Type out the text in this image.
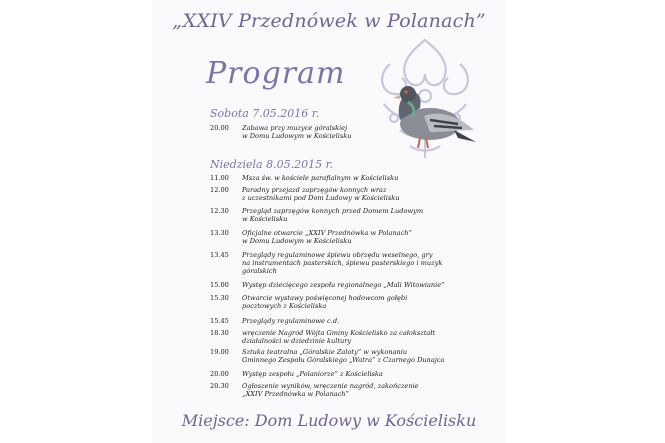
„XXIV Przednówek w Polanach”
Program
Sobota 7.05.2016 r.
20.00	Zabawa przy muzyce góralskiej
w Domu Ludowym w Kościelisku
Niedziela 8.05.2015 r.
11.00	Msza św. w kościele parafialnym w Kościelisku
12.00	Paradny przejazd zaprzęgów konnych wraz
z uczestnikami pod Dom Ludowy w Kościelisku
12.30	Przegląd zaprzęgów konnych przed Domem Ludowym
w Kościelisku
13.30	Oficjalne otwarcie „XXIV Przednówka w Polanach”
w Domu Ludowym w Kościelisku
13.45	Przeglądy regulaminowe śpiewu obrzędu weselnego, gry
na instrumentach pasterskich, śpiewu pasterskiego i muzyk
góralskich
15.00	Występ dziecięcego zespołu regionalnego „Mali Witowianie”
15.30	Otwarcie wystawy poświęconej hodowcom gołębi
pocztowych z Kościeliska
15.45	Przeglądy regulaminowe c.d.
18.30	wręczenie Nagród Wójta Gminy Kościelisko za całokształt
działalności w dziedzinie kultury
19.00	Sztuka teatralna „Góralskie Zaloty” w wykonaniu
Gminnego Zespołu Góralskiego „Watra” z Czarnego Dunajca
20.00	Występ zespołu „Polaniorze” z Kościeliska
20.30	Ogłoszenie wyników, wręczenie nagród, zakończenie
„XXIV Przednówka w Polanach”
Miejsce: Dom Ludowy w Kościelisku
